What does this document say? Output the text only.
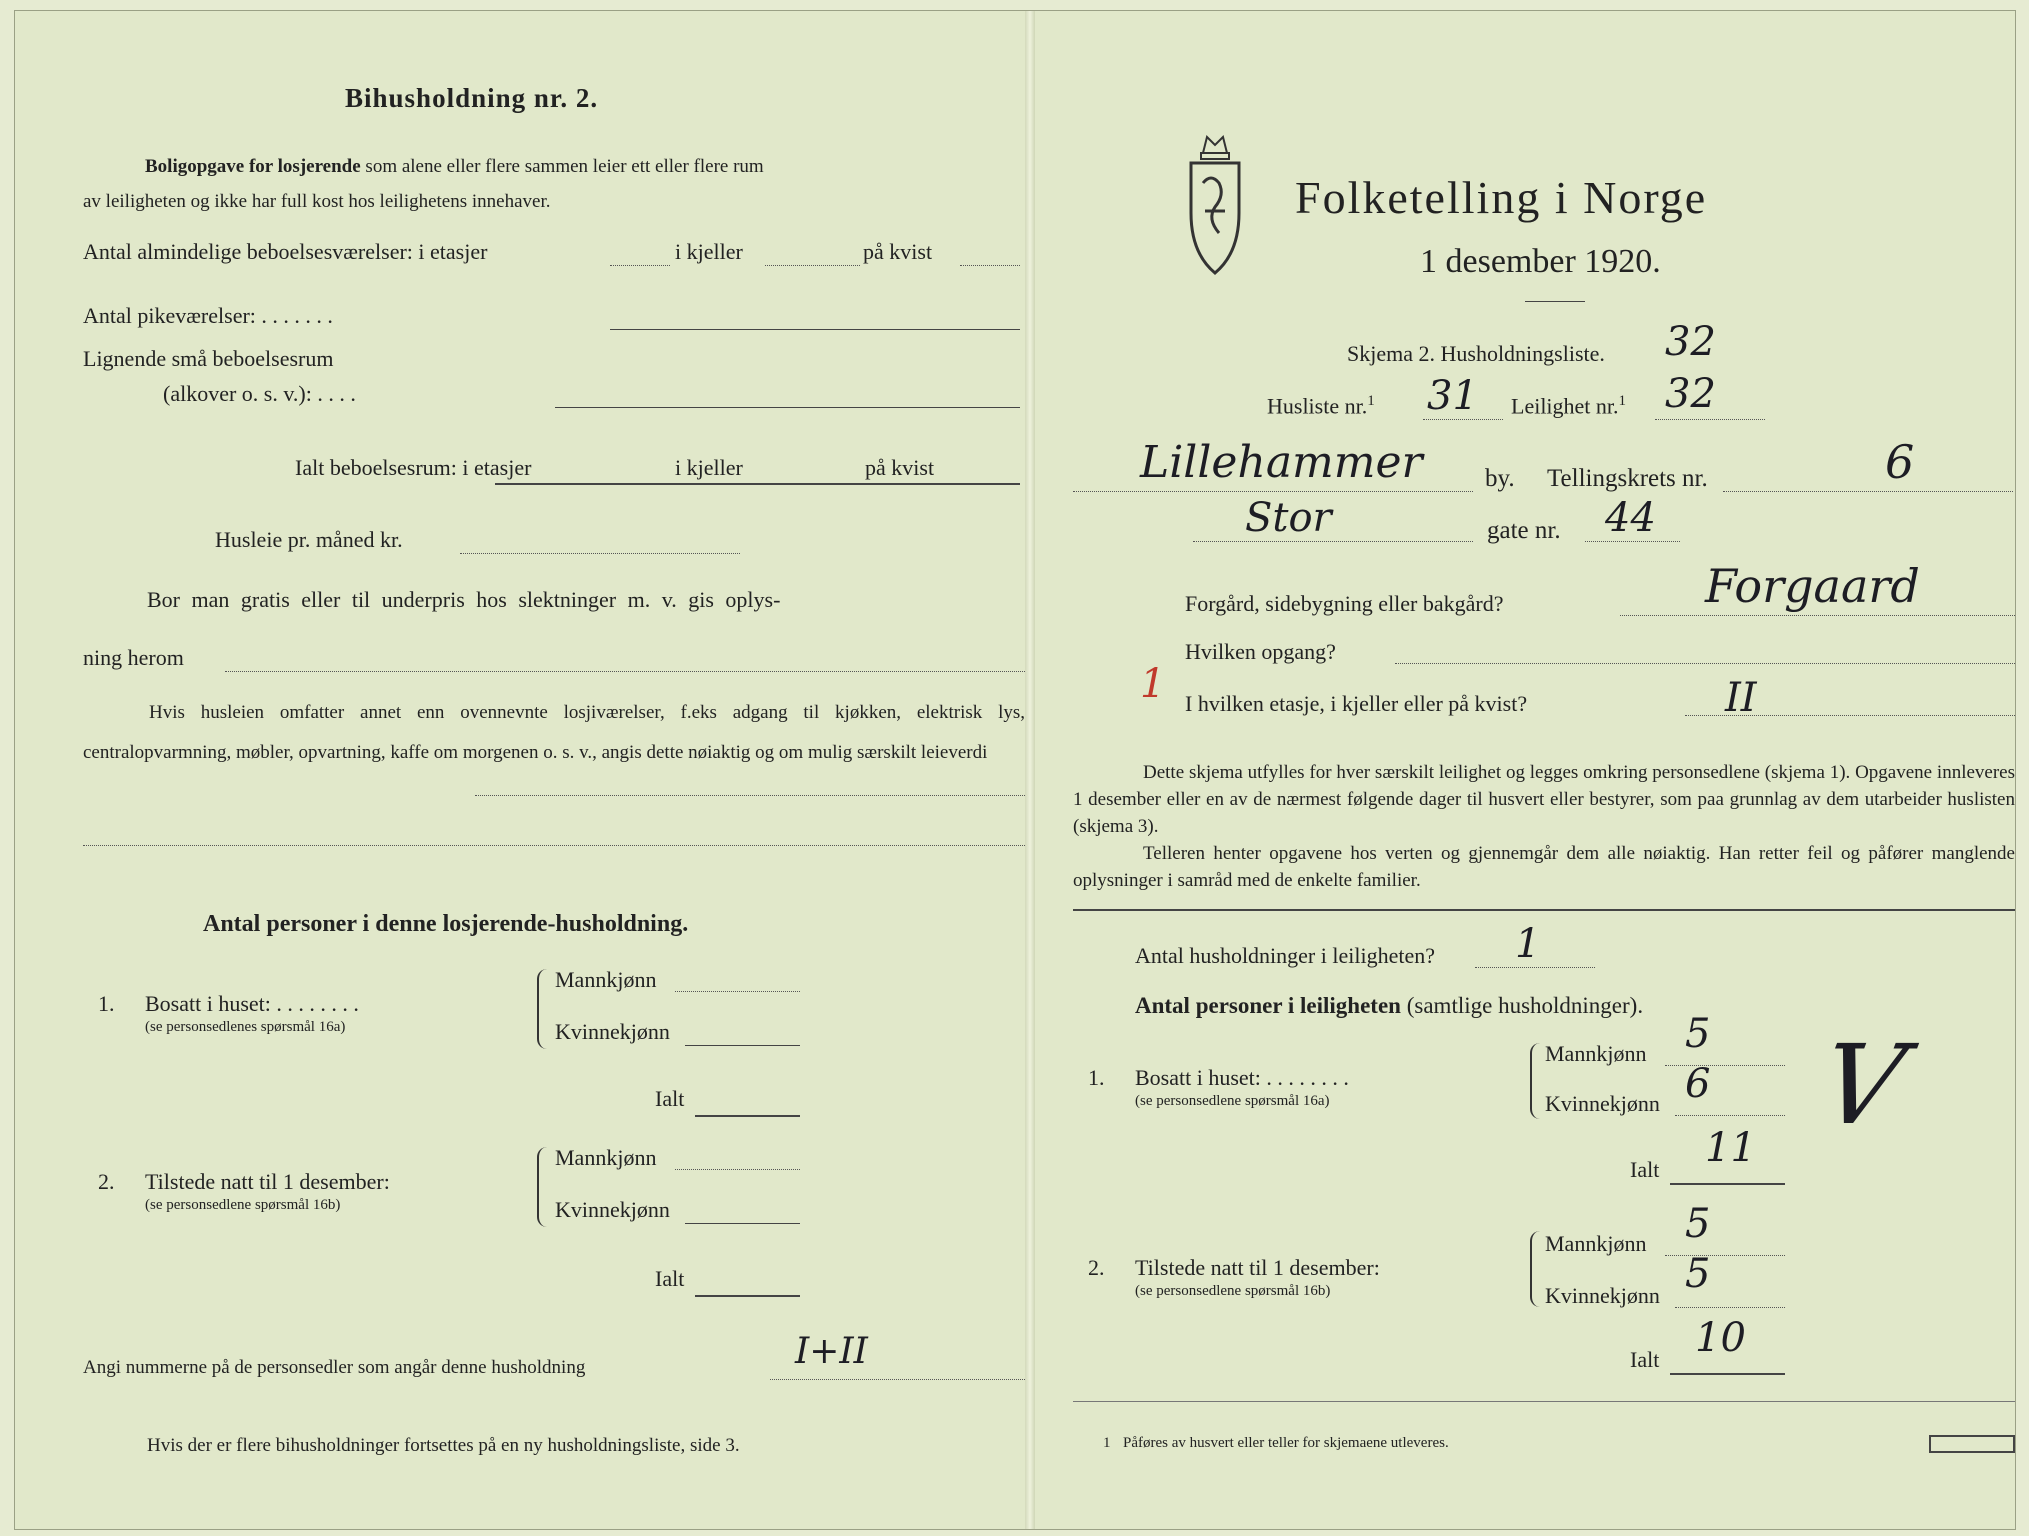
Bihusholdning nr. 2.
Boligopgave for losjerende som alene eller flere sammen leier ett eller flere rum
av leiligheten og ikke har full kost hos leilighetens innehaver.
Antal almindelige beboelsesværelser: i etasjer	i kjeller	på kvist
Antal pikeværelser: . . . . . . .
Lignende små beboelsesrum
(alkover o. s. v.): . . . .
Ialt beboelsesrum: i etasjer	i kjeller	på kvist
Husleie pr. måned kr.
Bor man gratis eller til underpris hos slektninger m. v. gis oplys-
ning herom
Hvis husleien omfatter annet enn ovennevnte losjiværelser, f.eks adgang til kjøkken, elektrisk lys, centralopvarmning, møbler, opvartning, kaffe om morgenen o. s. v., angis dette nøiaktig og om mulig særskilt leieverdi
Antal personer i denne losjerende-husholdning.
1. Bosatt i huset: . . . . . . . .
(se personsedlenes spørsmål 16a)
Mannkjønn
Kvinnekjønn
Ialt
2. Tilstede natt til 1 desember:
(se personsedlene spørsmål 16b)
Mannkjønn
Kvinnekjønn
Ialt
Angi nummerne på de personsedler som angår denne husholdning	I+II
Hvis der er flere bihusholdninger fortsettes på en ny husholdningsliste, side 3.
Folketelling i Norge
1 desember 1920.
Skjema 2. Husholdningsliste. 32
Husliste nr.$^1$ 31 Leilighet nr.$^1$ 32
Lillehammer by. Tellingskrets nr.	6
Stor	gate nr. 44
Forgård, sidebygning eller bakgård?	Forgaard
Hvilken opgang?
1 I hvilken etasje, i kjeller eller på kvist?	II
Dette skjema utfylles for hver særskilt leilighet og legges omkring personsedlene (skjema 1). Opgavene innleveres 1 desember eller en av de nærmest følgende dager til husvert eller bestyrer, som paa grunnlag av dem utarbeider huslisten (skjema 3).
Telleren henter opgavene hos verten og gjennemgår dem alle nøiaktig. Han retter feil og påfører manglende oplysninger i samråd med de enkelte familier.
Antal husholdninger i leiligheten? 1
Antal personer i leiligheten (samtlige husholdninger).
1. Bosatt i huset: . . . . . . . .
(se personsedlene spørsmål 16a)
Mannkjønn 5
Kvinnekjønn 6
Ialt 11 V
2. Tilstede natt til 1 desember:
(se personsedlene spørsmål 16b)
Mannkjønn 5
Kvinnekjønn 5
Ialt 10
1 Påføres av husvert eller teller for skjemaene utleveres.
